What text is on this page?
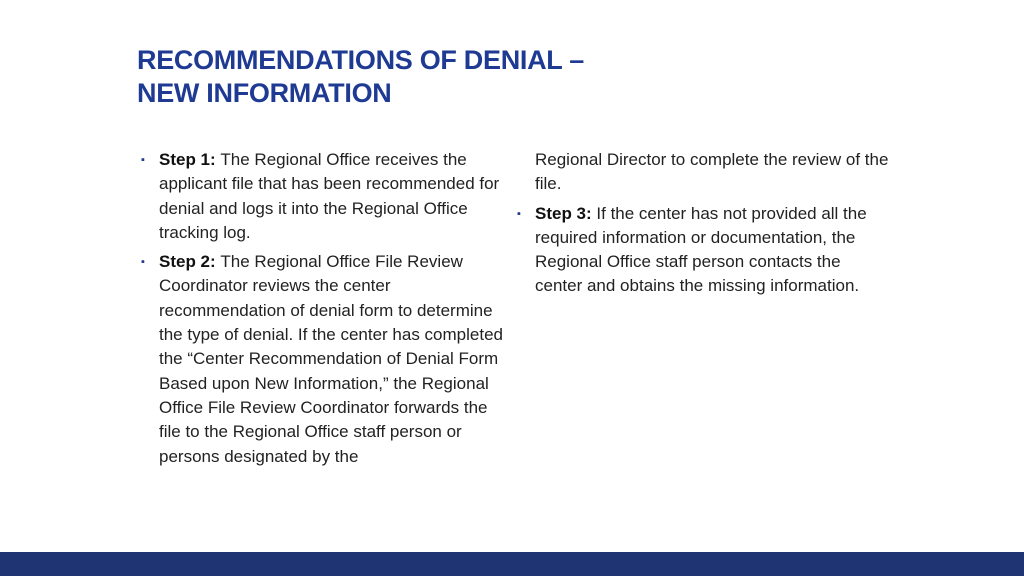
RECOMMENDATIONS OF DENIAL –
NEW INFORMATION
▪ Step 1: The Regional Office receives the applicant file that has been recommended for denial and logs it into the Regional Office tracking log.
▪ Step 2: The Regional Office File Review Coordinator reviews the center recommendation of denial form to determine the type of denial. If the center has completed the “Center Recommendation of Denial Form Based upon New Information,” the Regional Office File Review Coordinator forwards the file to the Regional Office staff person or persons designated by the
Regional Director to complete the review of the file.
▪ Step 3: If the center has not provided all the required information or documentation, the Regional Office staff person contacts the center and obtains the missing information.
